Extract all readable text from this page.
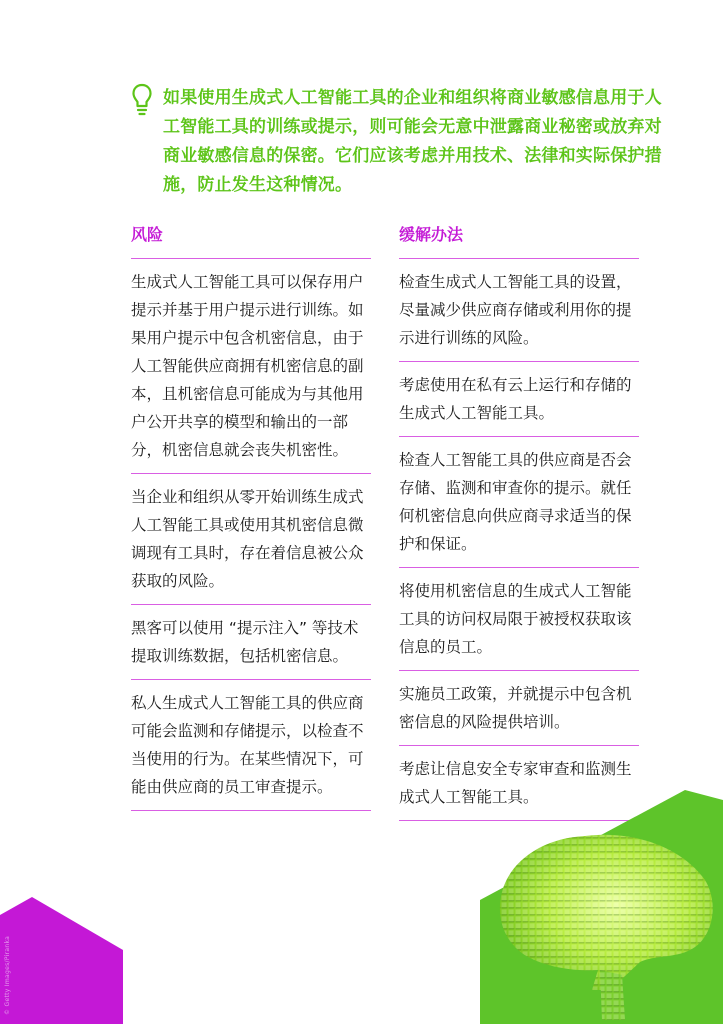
如果使用生成式人工智能工具的企业和组织将商业敏感信息用于人工智能工具的训练或提示，则可能会无意中泄露商业秘密或放弃对商业敏感信息的保密。它们应该考虑并用技术、法律和实际保护措施，防止发生这种情况。
风险	缓解办法
生成式人工智能工具可以保存用户提示并基于用户提示进行训练。如果用户提示中包含机密信息，由于人工智能供应商拥有机密信息的副本，且机密信息可能成为与其他用户公开共享的模型和输出的一部分，机密信息就会丧失机密性。
当企业和组织从零开始训练生成式人工智能工具或使用其机密信息微调现有工具时，存在着信息被公众获取的风险。
黑客可以使用 “提示注入” 等技术提取训练数据，包括机密信息。
私人生成式人工智能工具的供应商可能会监测和存储提示，以检查不当使用的行为。在某些情况下，可能由供应商的员工审查提示。
检查生成式人工智能工具的设置，尽量减少供应商存储或利用你的提示进行训练的风险。
考虑使用在私有云上运行和存储的生成式人工智能工具。
检查人工智能工具的供应商是否会存储、监测和审查你的提示。就任何机密信息向供应商寻求适当的保护和保证。
将使用机密信息的生成式人工智能工具的访问权局限于被授权获取该信息的员工。
实施员工政策，并就提示中包含机密信息的风险提供培训。
考虑让信息安全专家审查和监测生成式人工智能工具。
© Getty Images/Piranka
